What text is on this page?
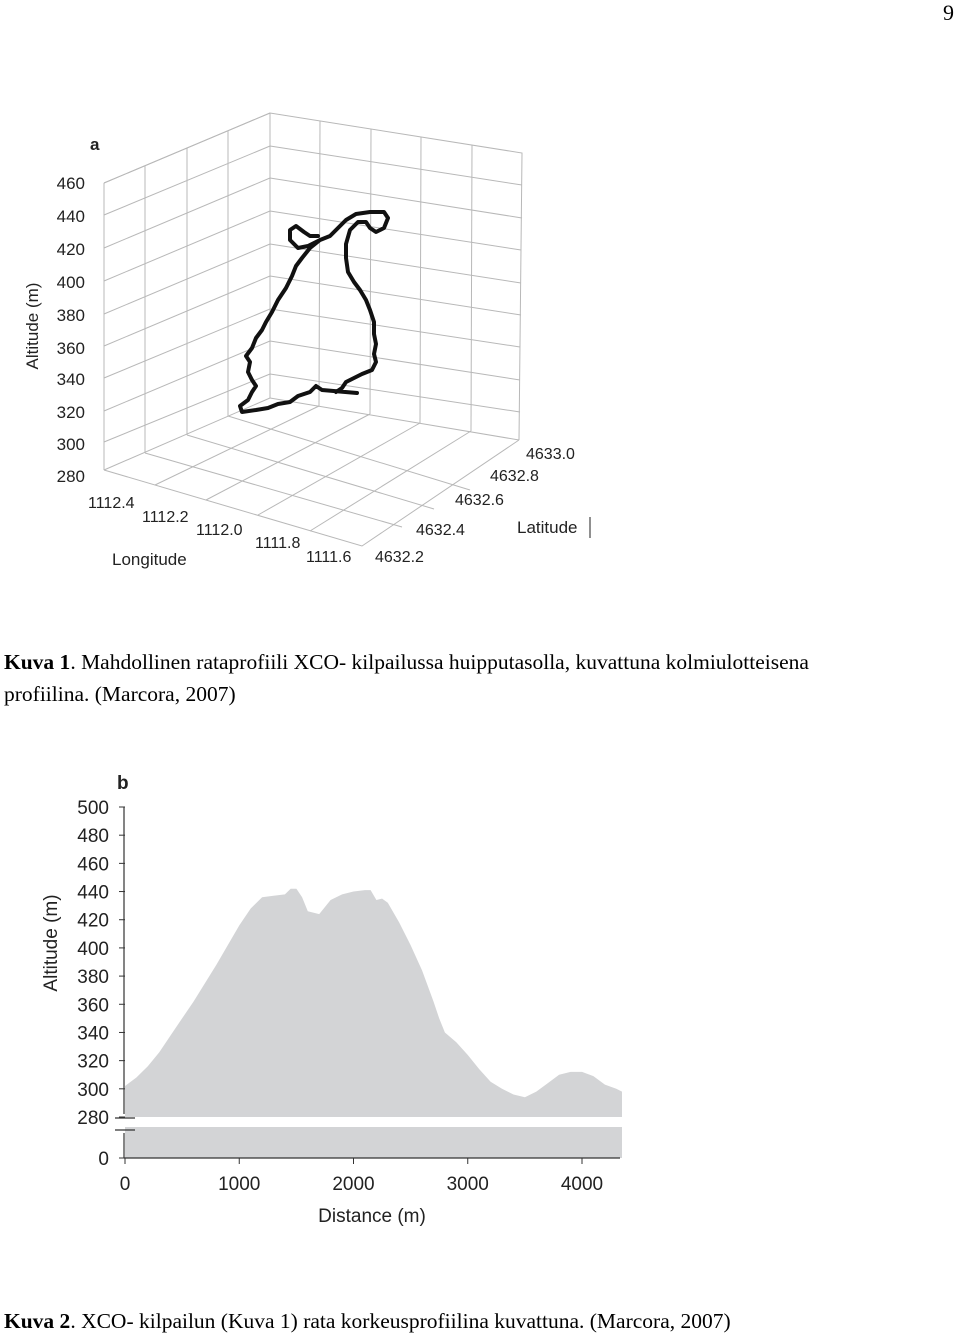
9
a
460
440
420
400
380
360
340
320
300
280
Altitude (m)
1112.4
1112.2
1112.0
1111.8
1111.6
Longitude	4632.2
4632.4
4632.6
4632.8
4633.0
Latitude
Kuva 1. Mahdollinen rataprofiili XCO- kilpailussa huipputasolla, kuvattuna kolmiulotteisena
profiilina. (Marcora, 2007)
b
Altitude (m)
Distance (m)
500
480
460
440
420
400
380
360
340
320
300
280
0
0	1000	2000	3000	4000
Kuva 2. XCO- kilpailun (Kuva 1) rata korkeusprofiilina kuvattuna. (Marcora, 2007)
